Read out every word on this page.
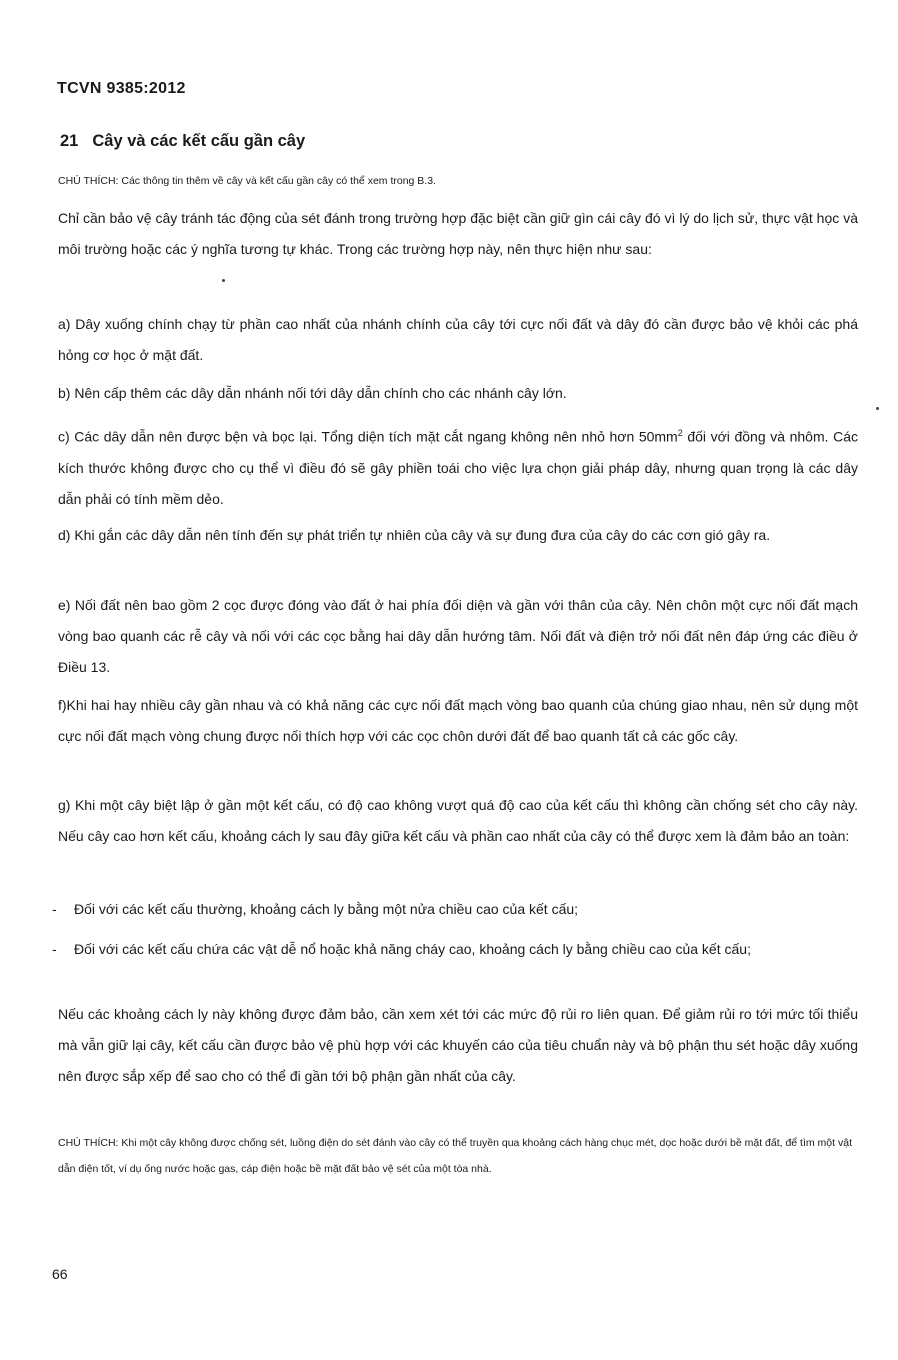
TCVN 9385:2012
21 Cây và các kết cấu gần cây
CHÚ THÍCH: Các thông tin thêm về cây và kết cấu gần cây có thể xem trong B.3.
Chỉ cần bảo vệ cây tránh tác động của sét đánh trong trường hợp đặc biệt cần giữ gìn cái cây đó vì lý do lịch sử, thực vật học và môi trường hoặc các ý nghĩa tương tự khác. Trong các trường hợp này, nên thực hiện như sau:
a) Dây xuống chính chạy từ phần cao nhất của nhánh chính của cây tới cực nối đất và dây đó cần được bảo vệ khỏi các phá hỏng cơ học ở mặt đất.
b) Nên cấp thêm các dây dẫn nhánh nối tới dây dẫn chính cho các nhánh cây lớn.
c) Các dây dẫn nên được bện và bọc lại. Tổng diện tích mặt cắt ngang không nên nhỏ hơn $50mm^2$ đối với đồng và nhôm. Các kích thước không được cho cụ thể vì điều đó sẽ gây phiền toái cho việc lựa chọn giải pháp dây, nhưng quan trọng là các dây dẫn phải có tính mềm dẻo.
d) Khi gắn các dây dẫn nên tính đến sự phát triển tự nhiên của cây và sự đung đưa của cây do các cơn gió gây ra.
e) Nối đất nên bao gồm 2 cọc được đóng vào đất ở hai phía đối diện và gần với thân của cây. Nên chôn một cực nối đất mạch vòng bao quanh các rễ cây và nối với các cọc bằng hai dây dẫn hướng tâm. Nối đất và điện trở nối đất nên đáp ứng các điều ở Điều 13.
f)Khi hai hay nhiều cây gần nhau và có khả năng các cực nối đất mạch vòng bao quanh của chúng giao nhau, nên sử dụng một cực nối đất mạch vòng chung được nối thích hợp với các cọc chôn dưới đất để bao quanh tất cả các gốc cây.
g) Khi một cây biệt lập ở gần một kết cấu, có độ cao không vượt quá độ cao của kết cấu thì không cần chống sét cho cây này. Nếu cây cao hơn kết cấu, khoảng cách ly sau đây giữa kết cấu và phần cao nhất của cây có thể được xem là đảm bảo an toàn:
- Đối với các kết cấu thường, khoảng cách ly bằng một nửa chiều cao của kết cấu;
- Đối với các kết cấu chứa các vật dễ nổ hoặc khả năng cháy cao, khoảng cách ly bằng chiều cao của kết cấu;
Nếu các khoảng cách ly này không được đảm bảo, cần xem xét tới các mức độ rủi ro liên quan. Để giảm rủi ro tới mức tối thiểu mà vẫn giữ lại cây, kết cấu cần được bảo vệ phù hợp với các khuyến cáo của tiêu chuẩn này và bộ phận thu sét hoặc dây xuống nên được sắp xếp để sao cho có thể đi gần tới bộ phận gần nhất của cây.
CHÚ THÍCH: Khi một cây không được chống sét, luồng điện do sét đánh vào cây có thể truyền qua khoảng cách hàng chục mét, dọc hoặc dưới bề mặt đất, để tìm một vật dẫn điện tốt, ví dụ ống nước hoặc gas, cáp điện hoặc bề mặt đất bảo vệ sét của một tòa nhà.
66
